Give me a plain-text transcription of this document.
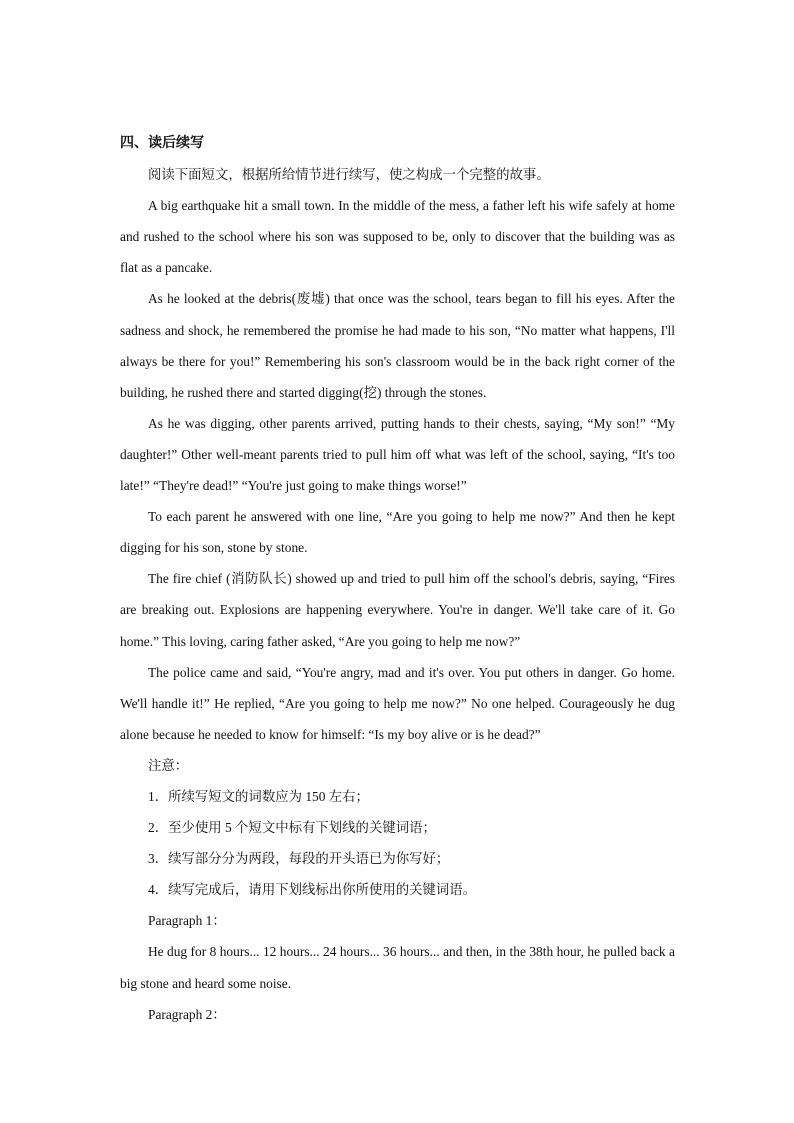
四、读后续写

阅读下面短文，根据所给情节进行续写，使之构成一个完整的故事。

A big earthquake hit a small town. In the middle of the mess, a father left his wife safely at home and rushed to the school where his son was supposed to be, only to discover that the building was as flat as a pancake.

As he looked at the debris(废墟) that once was the school, tears began to fill his eyes. After the sadness and shock, he remembered the promise he had made to his son, “No matter what happens, I'll always be there for you!” Remembering his son's classroom would be in the back right corner of the building, he rushed there and started digging(挖) through the stones.

As he was digging, other parents arrived, putting hands to their chests, saying, “My son!” “My daughter!” Other well-meant parents tried to pull him off what was left of the school, saying, “It's too late!” “They're dead!” “You're just going to make things worse!”

To each parent he answered with one line, “Are you going to help me now?” And then he kept digging for his son, stone by stone.

The fire chief (消防队长) showed up and tried to pull him off the school's debris, saying, “Fires are breaking out. Explosions are happening everywhere. You're in danger. We'll take care of it. Go home.” This loving, caring father asked, “Are you going to help me now?”

The police came and said, “You're angry, mad and it's over. You put others in danger. Go home. We'll handle it!” He replied, “Are you going to help me now?” No one helped. Courageously he dug alone because he needed to know for himself: “Is my boy alive or is he dead?”

注意：

1．所续写短文的词数应为 150 左右；

2．至少使用 5 个短文中标有下划线的关键词语；

3．续写部分分为两段，每段的开头语已为你写好；

4．续写完成后，请用下划线标出你所使用的关键词语。

Paragraph 1：

He dug for 8 hours... 12 hours... 24 hours... 36 hours... and then, in the 38th hour, he pulled back a big stone and heard some noise.

Paragraph 2：
